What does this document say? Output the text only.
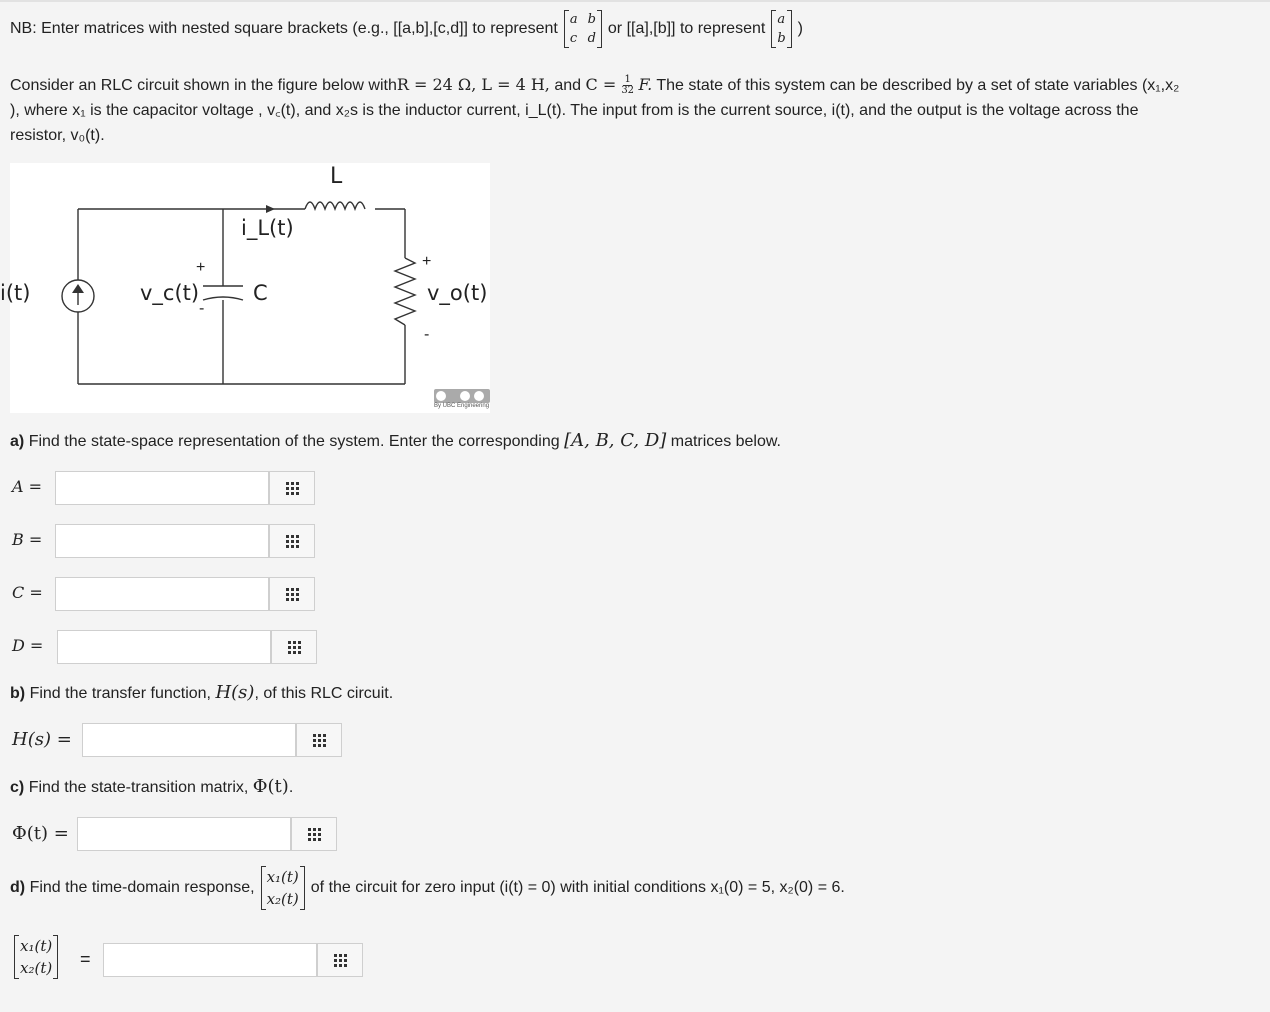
NB: Enter matrices with nested square brackets (e.g., [[a,b],[c,d]] to represent
a b
c d
or [[a],[b]] to represent
a
b
)
Consider an RLC circuit shown in the figure below withR = 24 Ω, L = 4 H, and $C = \frac{1}{32} F$. The state of this system can be described by a set of state variables (x₁,x₂
), where x₁ is the capacitor voltage , v꜀(t), and x₂s is the inductor current, i_L(t). The input from is the current source, i(t), and the output is the voltage across the
resistor, v₀(t).
L
i_L(t)
i(t)	v_c(t)
+
-
C
+
v_o(t)
-
By UBC Engineering
a) Find the state-space representation of the system. Enter the corresponding [A, B, C, D] matrices below.
A =
B =
C =
D =
b) Find the transfer function, H(s), of this RLC circuit.
H(s) =
c) Find the state-transition matrix, Φ(t).
Φ(t) =
d) Find the time-domain response,
x₁(t)
x₂(t)
of the circuit for zero input (i(t) = 0) with initial conditions x₁(0) = 5, x₂(0) = 6.
x₁(t)
x₂(t) =
